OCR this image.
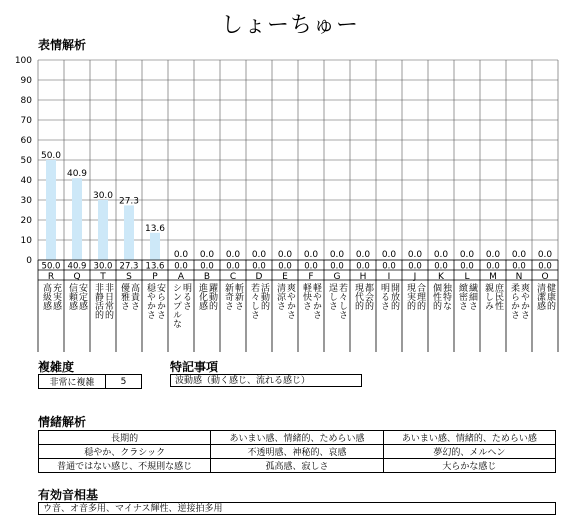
しょーちゅー
表情解析
0
10
20
30
40
50
60
70
80
90
100
50.0
40.9
30.0
27.3
13.6
0.0 0.0 0.0 0.0 0.0 0.0 0.0 0.0 0.0 0.0 0.0 0.0 0.0 0.0 0.0
50.0
R
充実感
高級感
40.9
Q
安定感
信頼感
30.0
T
非日常的
非静活的
27.3
S
高貴さ
優雅さ
13.6
P
安らかさ
穏やかさ
0.0
A
明るさ
シンプルな
0.0
B
躍動的
進化感
0.0
C
斬新さ
新奇さ
0.0
D
活動的
若々しさ
0.0
E
爽やかさ
清涼さ
0.0
F
軽やかさ
軽快さ
0.0
G
若々しさ
逞しさ
0.0
H
都会的
現代的
0.0
I
開放的
明るさ
0.0
J
合理的
現実的
0.0
K
独特な
個性的
0.0
L
繊細さ
緻密さ
0.0
M
庶民性
親しみ
0.0
N
爽やかさ
柔らかさ
0.0
O
健康的
清潔感
複雑度
非常に複雑	5
特記事項
波動感（動く感じ、流れる感じ）
情緒解析
長期的	あいまい感、情緒的、ためらい感	あいまい感、情緒的、ためらい感
穏やか、クラシック	不透明感、神秘的、哀感	夢幻的、メルヘン
普通ではない感じ、不規則な感じ	孤高感、寂しさ	大らかな感じ
有効音相基
ウ音、オ音多用、マイナス輝性、逆接拍多用
